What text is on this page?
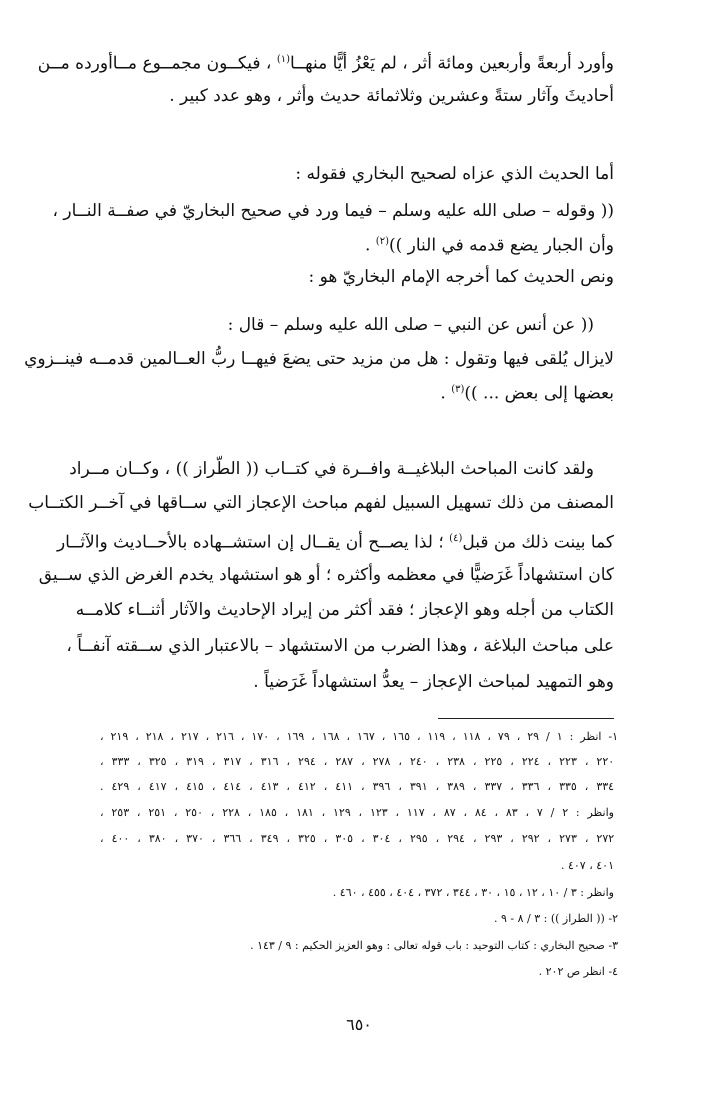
وأورد أربعةً وأربعين ومائة أثر ، لم يَعْزُ أيًّا منهــا$^{(١)}$ ، فيكــون مجمــوع مــاأورده مــن
أحاديثَ وآثار ستةً وعشرين وثلاثمائة حديث وأثر ، وهو عدد كبير .
أما الحديث الذي عزاه لصحيح البخاري فقوله :
(( وقوله – صلى الله عليه وسلم – فيما ورد في صحيح البخاريّ في صفــة النــار ،
وأن الجبار يضع قدمه في النار ))$^{(٢)}$ .
ونص الحديث كما أخرجه الإمام البخاريّ هو :
(( عن أنس عن النبي – صلى الله عليه وسلم – قال :
لايزال يُلقى فيها وتقول : هل من مزيد حتى يضعَ فيهــا ربُّ العــالمين قدمــه فينــزوي
بعضها إلى بعض ... ))$^{(٣)}$ .
ولقد كانت المباحث البلاغيــة وافــرة في كتــاب (( الطّراز )) ، وكــان مــراد
المصنف من ذلك تسهيل السبيل لفهم مباحث الإعجاز التي ســاقها في آخــر الكتــاب
كما بينت ذلك من قبل$^{(٤)}$ ؛ لذا يصــح أن يقــال إن استشــهاده بالأحــاديث والآثــار
كان استشهاداً غَرَضيًّا في معظمه وأكثره ؛ أو هو استشهاد يخدم الغرض الذي ســيق
الكتاب من أجله وهو الإعجاز ؛ فقد أكثر من إيراد الإحاديث والآثار أثنــاء كلامــه
على مباحث البلاغة ، وهذا الضرب من الاستشهاد – بالاعتبار الذي ســقته آنفــاً ،
وهو التمهيد لمباحث الإعجاز – يعدُّ استشهاداً غَرَضياً .
١- انظر : ١ / ٢٩ ، ٧٩ ، ١١٨ ، ١١٩ ، ١٦٥ ، ١٦٧ ، ١٦٨ ، ١٦٩ ، ١٧٠ ، ٢١٦ ، ٢١٧ ، ٢١٨ ، ٢١٩ ،
٢٢٠ ، ٢٢٣ ، ٢٢٤ ، ٢٢٥ ، ٢٣٨ ، ٢٤٠ ، ٢٧٨ ، ٢٨٧ ، ٢٩٤ ، ٣١٦ ، ٣١٧ ، ٣١٩ ، ٣٢٥ ، ٣٣٣ ،
٣٣٤ ، ٣٣٥ ، ٣٣٦ ، ٣٣٧ ، ٣٨٩ ، ٣٩١ ، ٣٩٦ ، ٤١١ ، ٤١٢ ، ٤١٣ ، ٤١٤ ، ٤١٥ ، ٤١٧ ، ٤٢٩ .
وانظر : ٢ / ٧ ، ٨٣ ، ٨٤ ، ٨٧ ، ١١٧ ، ١٢٣ ، ١٢٩ ، ١٨١ ، ١٨٥ ، ٢٢٨ ، ٢٥٠ ، ٢٥١ ، ٢٥٣ ،
٢٧٢ ، ٢٧٣ ، ٢٩٢ ، ٢٩٣ ، ٢٩٤ ، ٢٩٥ ، ٣٠٤ ، ٣٠٥ ، ٣٢٥ ، ٣٤٩ ، ٣٦٦ ، ٣٧٠ ، ٣٨٠ ، ٤٠٠ ،
٤٠١ ، ٤٠٧ .
وانظر : ٣ / ١٠ ، ١٢ ، ١٥ ، ٣٠ ، ٣٤٤ ، ٣٧٢ ، ٤٠٤ ، ٤٥٥ ، ٤٦٠ .
٢- (( الطراز )) : ٣ / ٨ - ٩ .
٣- صحيح البخاري : كتاب التوحيد : باب قوله تعالى : وهو العزيز الحكيم : ٩ / ١٤٣ .
٤- انظر ص ٢٠٢ .
٦٥٠
